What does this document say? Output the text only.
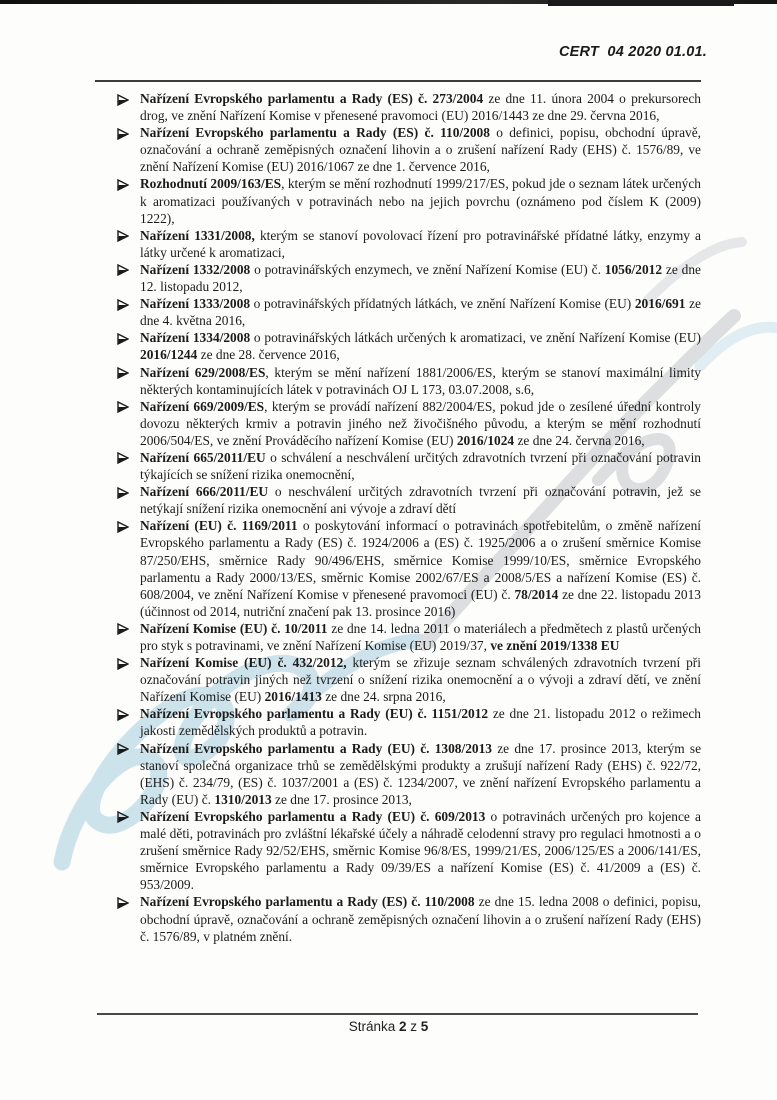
CERT  04 2020 01.01.

Nařízení Evropského parlamentu a Rady (ES) č. 273/2004 ze dne 11. února 2004 o prekursorech drog, ve znění Nařízení Komise v přenesené pravomoci (EU) 2016/1443 ze dne 29. června 2016,

Nařízení Evropského parlamentu a Rady (ES) č. 110/2008 o definici, popisu, obchodní úpravě, označování a ochraně zeměpisných označení lihovin a o zrušení nařízení Rady (EHS) č. 1576/89, ve znění Nařízení Komise (EU) 2016/1067 ze dne 1. července 2016,

Rozhodnutí 2009/163/ES, kterým se mění rozhodnutí 1999/217/ES, pokud jde o seznam látek určených k aromatizaci používaných v potravinách nebo na jejich povrchu (oznámeno pod číslem K (2009) 1222),

Nařízení 1331/2008, kterým se stanoví povolovací řízení pro potravinářské přídatné látky, enzymy a látky určené k aromatizaci,

Nařízení 1332/2008 o potravinářských enzymech, ve znění Nařízení Komise (EU) č. 1056/2012 ze dne 12. listopadu 2012,

Nařízení 1333/2008 o potravinářských přídatných látkách, ve znění Nařízení Komise (EU) 2016/691 ze dne 4. května 2016,

Nařízení 1334/2008 o potravinářských látkách určených k aromatizaci, ve znění Nařízení Komise (EU) 2016/1244 ze dne 28. července 2016,

Nařízení 629/2008/ES, kterým se mění nařízení 1881/2006/ES, kterým se stanoví maximální limity některých kontaminujících látek v potravinách OJ L 173, 03.07.2008, s.6,

Nařízení 669/2009/ES, kterým se provádí nařízení 882/2004/ES, pokud jde o zesílené úřední kontroly dovozu některých krmiv a potravin jiného než živočišného původu, a kterým se mění rozhodnutí 2006/504/ES, ve znění Prováděcího nařízení Komise (EU) 2016/1024 ze dne 24. června 2016,

Nařízení 665/2011/EU o schválení a neschválení určitých zdravotních tvrzení při označování potravin týkajících se snížení rizika onemocnění,

Nařízení 666/2011/EU o neschválení určitých zdravotních tvrzení při označování potravin, jež se netýkají snížení rizika onemocnění ani vývoje a zdraví dětí

Nařízení (EU) č. 1169/2011 o poskytování informací o potravinách spotřebitelům, o změně nařízení Evropského parlamentu a Rady (ES) č. 1924/2006 a (ES) č. 1925/2006 a o zrušení směrnice Komise 87/250/EHS, směrnice Rady 90/496/EHS, směrnice Komise 1999/10/ES, směrnice Evropského parlamentu a Rady 2000/13/ES, směrnic Komise 2002/67/ES a 2008/5/ES a nařízení Komise (ES) č. 608/2004, ve znění Nařízení Komise v přenesené pravomoci (EU) č. 78/2014 ze dne 22. listopadu 2013 (účinnost od 2014, nutriční značení pak 13. prosince 2016)

Nařízení Komise (EU) č. 10/2011 ze dne 14. ledna 2011 o materiálech a předmětech z plastů určených pro styk s potravinami, ve znění Nařízení Komise (EU) 2019/37, ve znění 2019/1338 EU

Nařízení Komise (EU) č. 432/2012, kterým se zřizuje seznam schválených zdravotních tvrzení při označování potravin jiných než tvrzení o snížení rizika onemocnění a o vývoji a zdraví dětí, ve znění Nařízení Komise (EU) 2016/1413 ze dne 24. srpna 2016,

Nařízení Evropského parlamentu a Rady (EU) č. 1151/2012 ze dne 21. listopadu 2012 o režimech jakosti zemědělských produktů a potravin.

Nařízení Evropského parlamentu a Rady (EU) č. 1308/2013 ze dne 17. prosince 2013, kterým se stanoví společná organizace trhů se zemědělskými produkty a zrušují nařízení Rady (EHS) č. 922/72, (EHS) č. 234/79, (ES) č. 1037/2001 a (ES) č. 1234/2007, ve znění nařízení Evropského parlamentu a Rady (EU) č. 1310/2013 ze dne 17. prosince 2013,

Nařízení Evropského parlamentu a Rady (EU) č. 609/2013 o potravinách určených pro kojence a malé děti, potravinách pro zvláštní lékařské účely a náhradě celodenní stravy pro regulaci hmotnosti a o zrušení směrnice Rady 92/52/EHS, směrnic Komise 96/8/ES, 1999/21/ES, 2006/125/ES a 2006/141/ES, směrnice Evropského parlamentu a Rady 09/39/ES a nařízení Komise (ES) č. 41/2009 a (ES) č. 953/2009.

Nařízení Evropského parlamentu a Rady (ES) č. 110/2008 ze dne 15. ledna 2008 o definici, popisu, obchodní úpravě, označování a ochraně zeměpisných označení lihovin a o zrušení nařízení Rady (EHS) č. 1576/89, v platném znění.

Stránka 2 z 5
